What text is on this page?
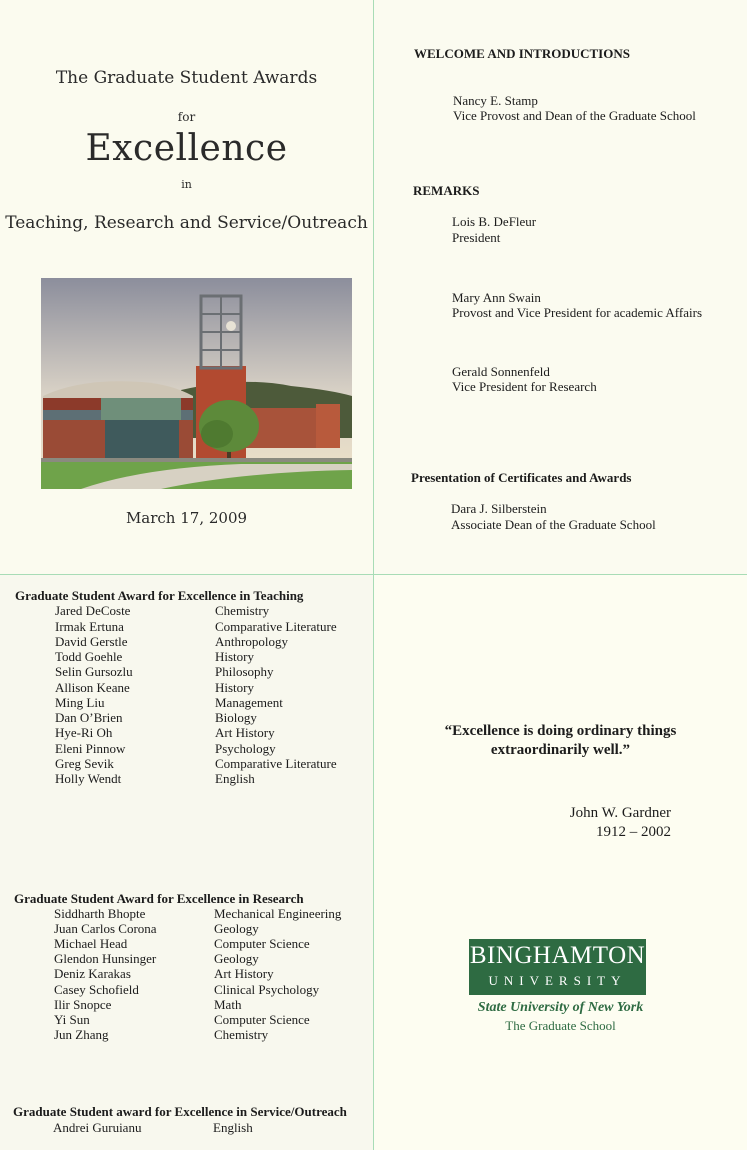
The Graduate Student Awards
for
Excellence
in
Teaching, Research and Service/Outreach
March 17, 2009
WELCOME AND INTRODUCTIONS
Nancy E. Stamp
Vice Provost and Dean of the Graduate School
REMARKS
Lois B. DeFleur
President
Mary Ann Swain
Provost and Vice President for academic Affairs
Gerald Sonnenfeld
Vice President for Research
Presentation of Certificates and Awards
Dara J. Silberstein
Associate Dean of the Graduate School
Graduate Student Award for Excellence in Teaching
Jared DeCoste	Chemistry
Irmak Ertuna	Comparative Literature
David Gerstle	Anthropology
Todd Goehle	History
Selin Gursozlu	Philosophy
Allison Keane	History
Ming Liu	Management
Dan O’Brien	Biology
Hye-Ri Oh	Art History
Eleni Pinnow	Psychology
Greg Sevik	Comparative Literature
Holly Wendt	English
Graduate Student Award for Excellence in Research
Siddharth Bhopte	Mechanical Engineering
Juan Carlos Corona	Geology
Michael Head	Computer Science
Glendon Hunsinger	Geology
Deniz Karakas	Art History
Casey Schofield	Clinical Psychology
Ilir Snopce	Math
Yi Sun	Computer Science
Jun Zhang	Chemistry
Graduate Student award for Excellence in Service/Outreach
Andrei Guruianu	English
“Excellence is doing ordinary things
extraordinarily well.”
John W. Gardner
1912 – 2002
BINGHAMTON
UNIVERSITY
State University of New York
The Graduate School
